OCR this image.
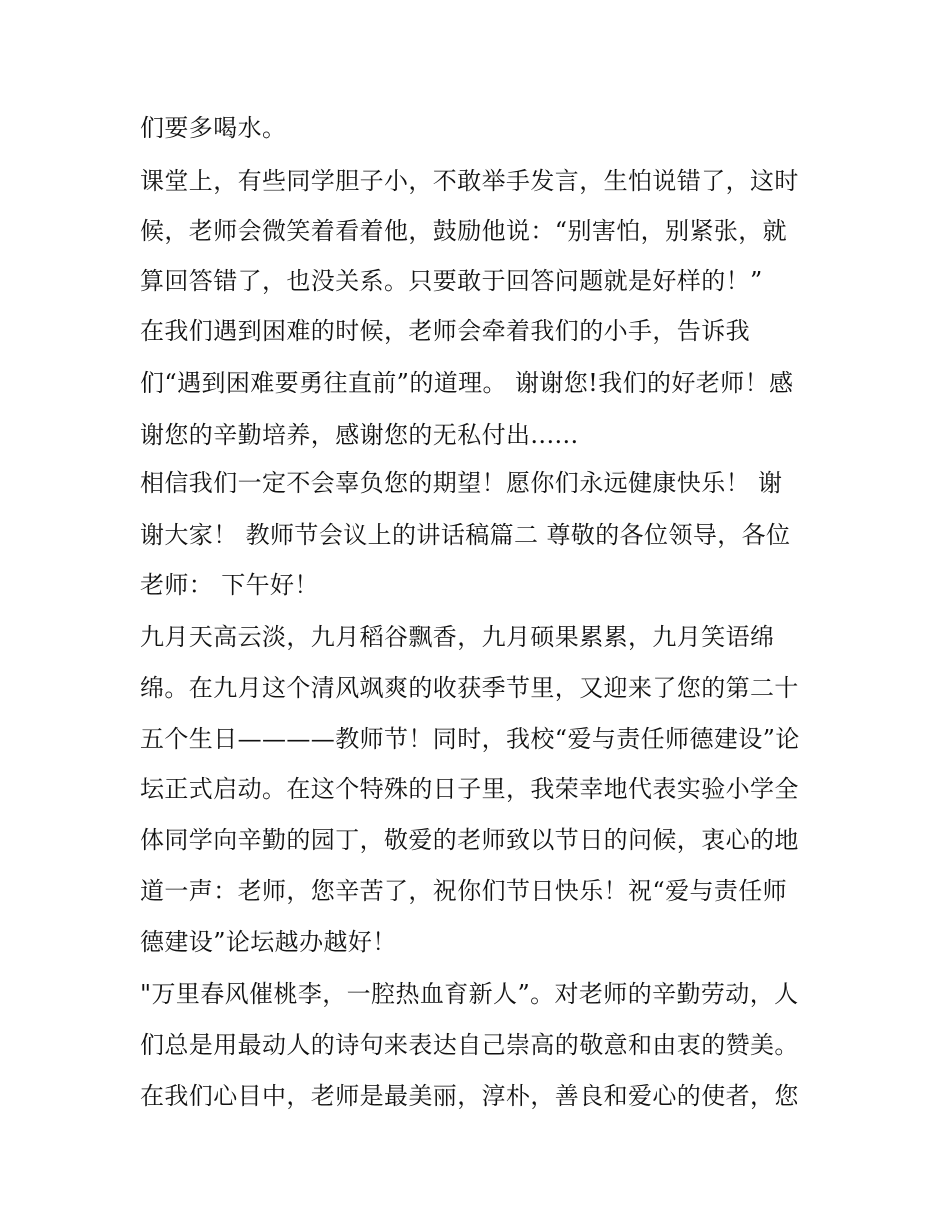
们要多喝水。
课堂上，有些同学胆子小，不敢举手发言，生怕说错了，这时
候，老师会微笑着看着他，鼓励他说：“别害怕，别紧张，就
算回答错了，也没关系。只要敢于回答问题就是好样的！”
在我们遇到困难的时候，老师会牵着我们的小手，告诉我
们“遇到困难要勇往直前”的道理。 谢谢您!我们的好老师！感
谢您的辛勤培养，感谢您的无私付出......
相信我们一定不会辜负您的期望！愿你们永远健康快乐！ 谢
谢大家！ 教师节会议上的讲话稿篇二 尊敬的各位领导，各位
老师： 下午好！
九月天高云淡，九月稻谷飘香，九月硕果累累，九月笑语绵
绵。在九月这个清风飒爽的收获季节里，又迎来了您的第二十
五个生日————教师节！同时，我校“爱与责任师德建设”论
坛正式启动。在这个特殊的日子里，我荣幸地代表实验小学全
体同学向辛勤的园丁，敬爱的老师致以节日的问候，衷心的地
道一声：老师，您辛苦了，祝你们节日快乐！祝“爱与责任师
德建设”论坛越办越好！
"万里春风催桃李，一腔热血育新人”。对老师的辛勤劳动，人
们总是用最动人的诗句来表达自己崇高的敬意和由衷的赞美。
在我们心目中，老师是最美丽，淳朴，善良和爱心的使者，您
